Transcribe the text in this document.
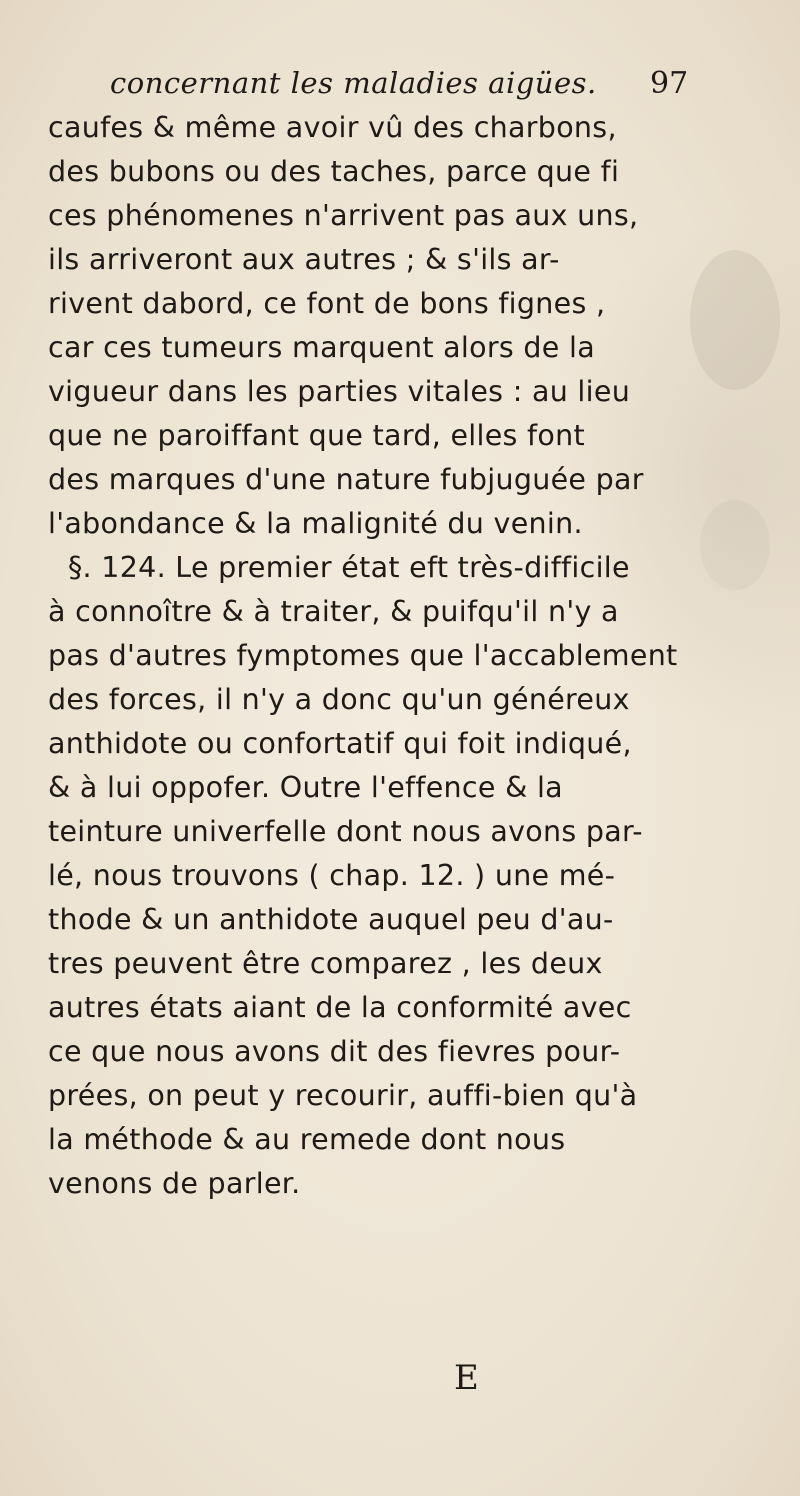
concernant les maladies aigües. 97
caufes & même avoir vû des charbons,
des bubons ou des taches, parce que fi
ces phénomenes n'arrivent pas aux uns,
ils arriveront aux autres ; & s'ils ar-
rivent dabord, ce font de bons fignes ,
car ces tumeurs marquent alors de la
vigueur dans les parties vitales : au lieu
que ne paroiffant que tard, elles font
des marques d'une nature fubjuguée par
l'abondance & la malignité du venin.
§. 124. Le premier état eft très-difficile
à connoître & à traiter, & puifqu'il n'y a
pas d'autres fymptomes que l'accablement
des forces, il n'y a donc qu'un généreux
anthidote ou confortatif qui foit indiqué,
& à lui oppofer. Outre l'effence & la
teinture univerfelle dont nous avons par-
lé, nous trouvons ( chap. 12. ) une mé-
thode & un anthidote auquel peu d'au-
tres peuvent être comparez , les deux
autres états aiant de la conformité avec
ce que nous avons dit des fievres pour-
prées, on peut y recourir, auffi-bien qu'à
la méthode & au remede dont nous
venons de parler.
E
